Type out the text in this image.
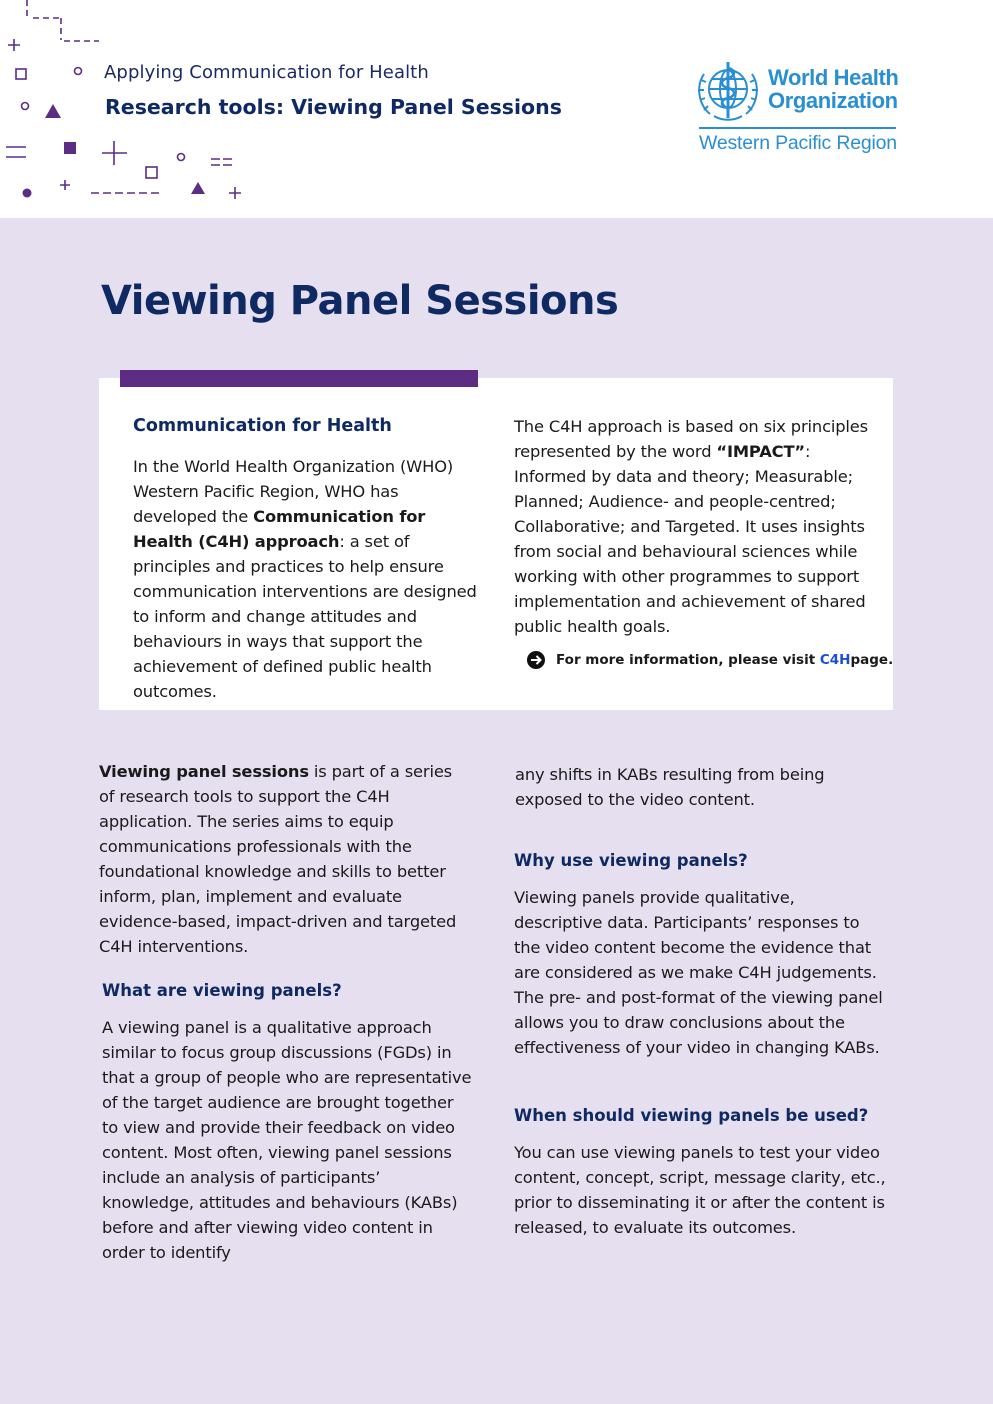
Applying Communication for Health
Research tools: Viewing Panel Sessions
World Health
Organization
Western Pacific Region
Viewing Panel Sessions
Communication for Health

In the World Health Organization (WHO) Western Pacific Region, WHO has developed the Communication for Health (C4H) approach: a set of principles and practices to help ensure communication interventions are designed to inform and change attitudes and behaviours in ways that support the achievement of defined public health outcomes.

The C4H approach is based on six principles represented by the word “IMPACT”: Informed by data and theory; Measurable; Planned; Audience- and people-centred; Collaborative; and Targeted. It uses insights from social and behavioural sciences while working with other programmes to support implementation and achievement of shared public health goals.

For more information, please visit
C4H page.

Viewing panel sessions is part of a series of research tools to support the C4H application. The series aims to equip communications professionals with the foundational knowledge and skills to better inform, plan, implement and evaluate evidence-based, impact-driven and targeted C4H interventions.

What are viewing panels?

A viewing panel is a qualitative approach similar to focus group discussions (FGDs) in that a group of people who are representative of the target audience are brought together to view and provide their feedback on video content. Most often, viewing panel sessions include an analysis of participants’ knowledge, attitudes and behaviours (KABs) before and after viewing video content in order to identify

any shifts in KABs resulting from being exposed to the video content.

Why use viewing panels?

Viewing panels provide qualitative, descriptive data. Participants’ responses to the video content become the evidence that are considered as we make C4H judgements. The pre- and post-format of the viewing panel allows you to draw conclusions about the effectiveness of your video in changing KABs.

When should viewing panels be used?

You can use viewing panels to test your video content, concept, script, message clarity, etc., prior to disseminating it or after the content is released, to evaluate its outcomes.
